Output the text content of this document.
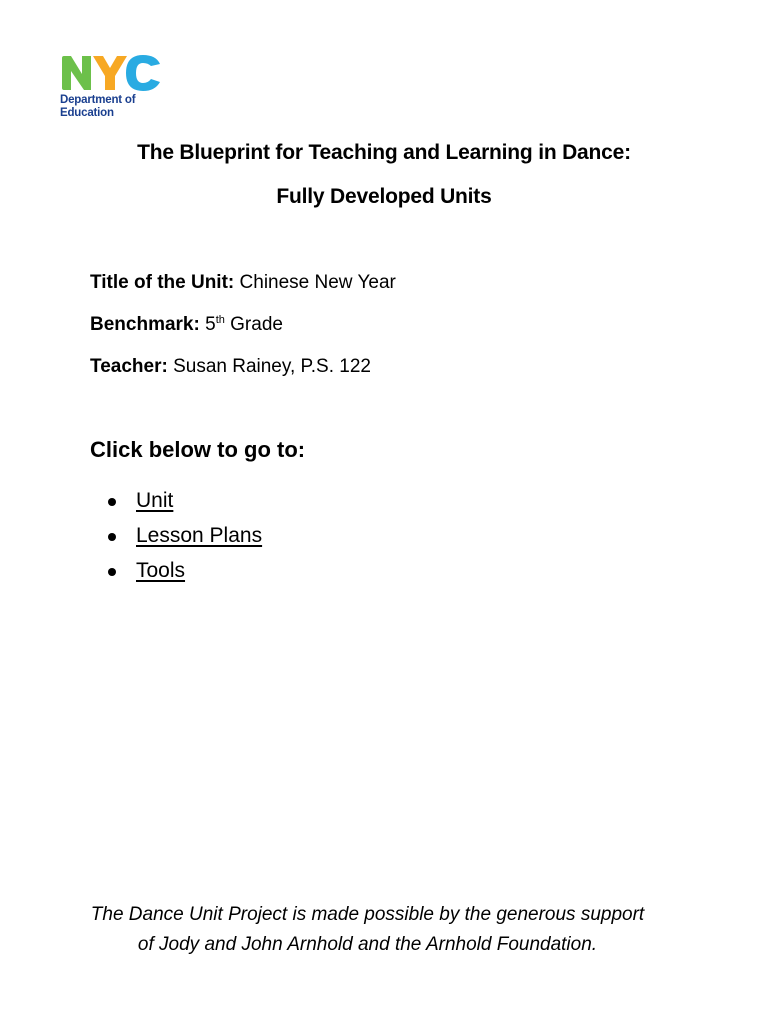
Department of
Education
The Blueprint for Teaching and Learning in Dance:
Fully Developed Units
Title of the Unit: Chinese New Year
Benchmark: 5th Grade
Teacher: Susan Rainey, P.S. 122
Click below to go to:
Unit
Lesson Plans
Tools
The Dance Unit Project is made possible by the generous support
of Jody and John Arnhold and the Arnhold Foundation.
